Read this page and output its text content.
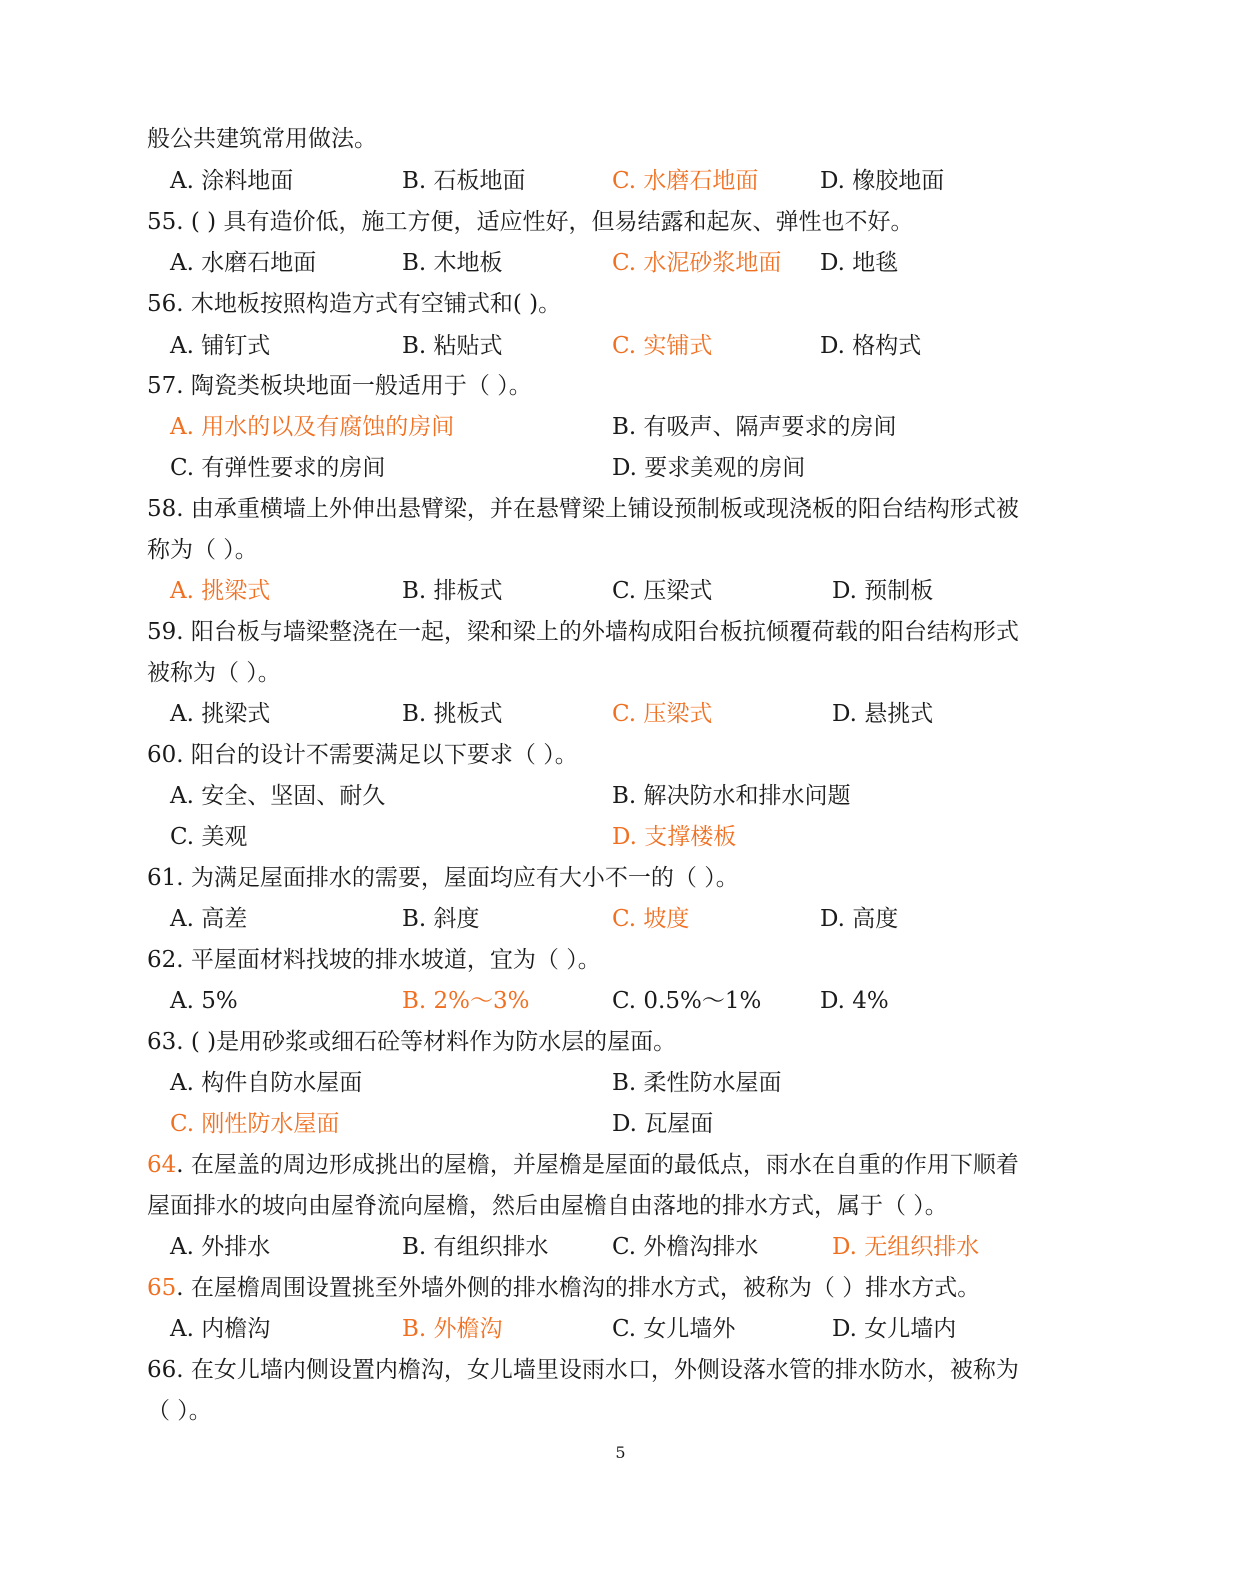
般公共建筑常用做法。
A. 涂料地面	B. 石板地面	C. 水磨石地面	D. 橡胶地面
55. ( ) 具有造价低，施工方便，适应性好，但易结露和起灰、弹性也不好。
A. 水磨石地面	B. 木地板	C. 水泥砂浆地面 D. 地毯
56. 木地板按照构造方式有空铺式和( )。
A. 铺钉式	B. 粘贴式	C. 实铺式	D. 格构式
57. 陶瓷类板块地面一般适用于（ ）。
A. 用水的以及有腐蚀的房间	B. 有吸声、隔声要求的房间
C. 有弹性要求的房间	D. 要求美观的房间
58. 由承重横墙上外伸出悬臂梁，并在悬臂梁上铺设预制板或现浇板的阳台结构形式被
称为（ ）。
A. 挑梁式	B. 排板式	C. 压梁式	D. 预制板
59. 阳台板与墙梁整浇在一起，梁和梁上的外墙构成阳台板抗倾覆荷载的阳台结构形式
被称为（ ）。
A. 挑梁式	B. 挑板式	C. 压梁式	D. 悬挑式
60. 阳台的设计不需要满足以下要求（ ）。
A. 安全、坚固、耐久	B. 解决防水和排水问题
C. 美观	D. 支撑楼板
61. 为满足屋面排水的需要，屋面均应有大小不一的（ ）。
A. 高差	B. 斜度	C. 坡度	D. 高度
62. 平屋面材料找坡的排水坡道，宜为（ ）。
A. 5%	B. 2%～3%	C. 0.5%～1%	D. 4%
63. ( )是用砂浆或细石砼等材料作为防水层的屋面。
A. 构件自防水屋面	B. 柔性防水屋面
C. 刚性防水屋面	D. 瓦屋面
64. 在屋盖的周边形成挑出的屋檐，并屋檐是屋面的最低点，雨水在自重的作用下顺着
屋面排水的坡向由屋脊流向屋檐，然后由屋檐自由落地的排水方式，属于（ ）。
A. 外排水	B. 有组织排水	C. 外檐沟排水	D. 无组织排水
65. 在屋檐周围设置挑至外墙外侧的排水檐沟的排水方式，被称为（ ）排水方式。
A. 内檐沟	B. 外檐沟	C. 女儿墙外	D. 女儿墙内
66. 在女儿墙内侧设置内檐沟，女儿墙里设雨水口，外侧设落水管的排水防水，被称为
（ ）。
5
